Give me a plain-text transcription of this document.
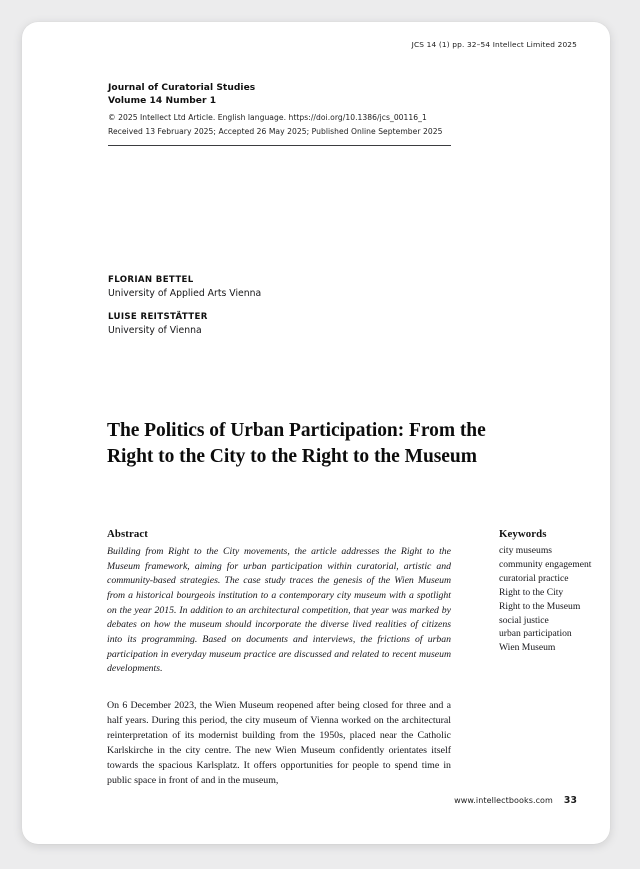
JCS 14 (1) pp. 32–54 Intellect Limited 2025
Journal of Curatorial Studies
Volume 14 Number 1
© 2025 Intellect Ltd Article. English language. https://doi.org/10.1386/jcs_00116_1
Received 13 February 2025; Accepted 26 May 2025; Published Online September 2025
FLORIAN BETTEL
University of Applied Arts Vienna
LUISE REITSTÄTTER
University of Vienna
The Politics of Urban Participation: From the Right to the City to the Right to the Museum
Abstract
Building from Right to the City movements, the article addresses the Right to the Museum framework, aiming for urban participation within curatorial, artistic and community-based strategies. The case study traces the genesis of the Wien Museum from a historical bourgeois institution to a contemporary city museum with a spotlight on the year 2015. In addition to an architectural competition, that year was marked by debates on how the museum should incorporate the diverse lived realities of citizens into its programming. Based on documents and interviews, the frictions of urban participation in everyday museum practice are discussed and related to recent museum developments.
Keywords
city museums
community engagement
curatorial practice
Right to the City
Right to the Museum
social justice
urban participation
Wien Museum
On 6 December 2023, the Wien Museum reopened after being closed for three and a half years. During this period, the city museum of Vienna worked on the architectural reinterpretation of its modernist building from the 1950s, placed near the Catholic Karlskirche in the city centre. The new Wien Museum confidently orientates itself towards the spacious Karlsplatz. It offers opportunities for people to spend time in public space in front of and in the museum,
www.intellectbooks.com 33
